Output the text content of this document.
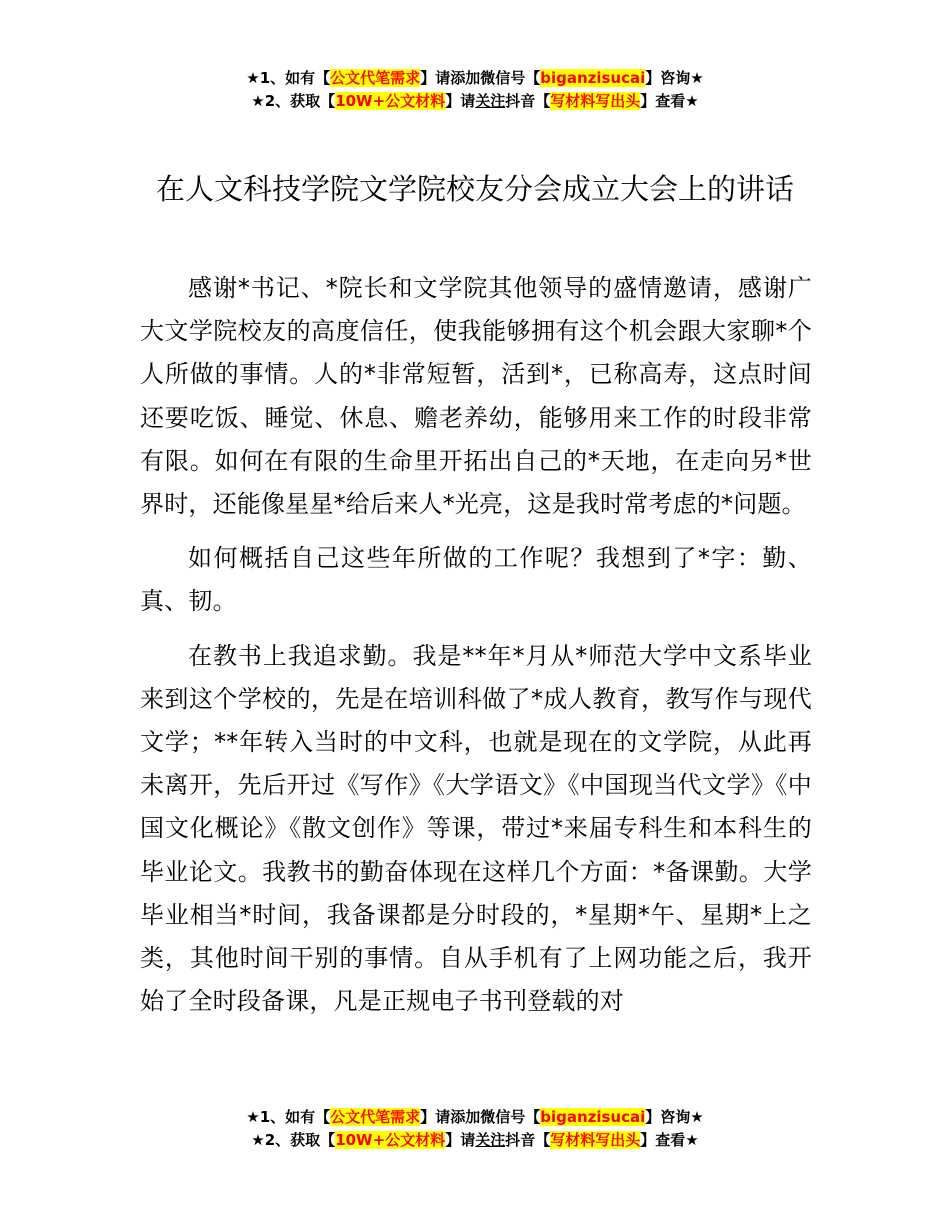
★1、如有【公文代笔需求】请添加微信号【biganzisucai】咨询★
★2、获取【10W+公文材料】请关注抖音【写材料写出头】查看★
在人文科技学院文学院校友分会成立大会上的讲话

感谢*书记、*院长和文学院其他领导的盛情邀请，感谢广大文学院校友的高度信任，使我能够拥有这个机会跟大家聊*个人所做的事情。人的*非常短暂，活到*，已称高寿，这点时间还要吃饭、睡觉、休息、赡老养幼，能够用来工作的时段非常有限。如何在有限的生命里开拓出自己的*天地，在走向另*世界时，还能像星星*给后来人*光亮，这是我时常考虑的*问题。

如何概括自己这些年所做的工作呢？我想到了*字：勤、真、韧。

在教书上我追求勤。我是**年*月从*师范大学中文系毕业来到这个学校的，先是在培训科做了*成人教育，教写作与现代文学；**年转入当时的中文科，也就是现在的文学院，从此再未离开，先后开过《写作》《大学语文》《中国现当代文学》《中国文化概论》《散文创作》等课，带过*来届专科生和本科生的毕业论文。我教书的勤奋体现在这样几个方面：*备课勤。大学毕业相当*时间，我备课都是分时段的，*星期*午、星期*上之类，其他时间干别的事情。自从手机有了上网功能之后，我开始了全时段备课，凡是正规电子书刊登载的对

★1、如有【公文代笔需求】请添加微信号【biganzisucai】咨询★
★2、获取【10W+公文材料】请关注抖音【写材料写出头】查看★
